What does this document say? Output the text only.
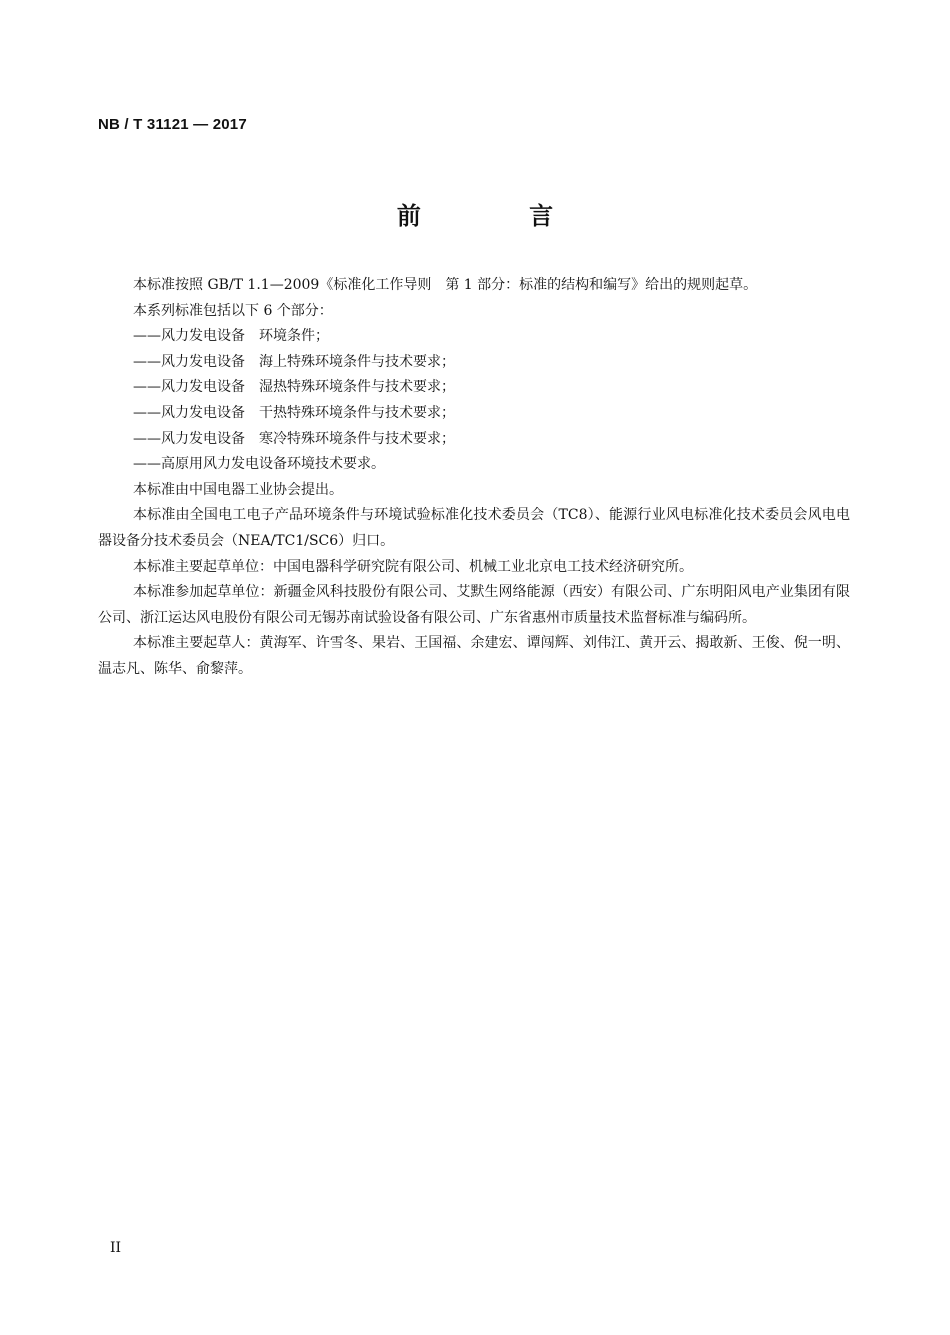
NB / T 31121 — 2017
前 言

本标准按照 GB/T 1.1—2009《标准化工作导则　第 1 部分：标准的结构和编写》给出的规则起草。

本系列标准包括以下 6 个部分：

——风力发电设备　环境条件；

——风力发电设备　海上特殊环境条件与技术要求；

——风力发电设备　湿热特殊环境条件与技术要求；

——风力发电设备　干热特殊环境条件与技术要求；

——风力发电设备　寒冷特殊环境条件与技术要求；

——高原用风力发电设备环境技术要求。

本标准由中国电器工业协会提出。

本标准由全国电工电子产品环境条件与环境试验标准化技术委员会（TC8）、能源行业风电标准化技术委员会风电电器设备分技术委员会（NEA/TC1/SC6）归口。

本标准主要起草单位：中国电器科学研究院有限公司、机械工业北京电工技术经济研究所。

本标准参加起草单位：新疆金风科技股份有限公司、艾默生网络能源（西安）有限公司、广东明阳风电产业集团有限公司、浙江运达风电股份有限公司无锡苏南试验设备有限公司、广东省惠州市质量技术监督标准与编码所。

本标准主要起草人：黄海军、许雪冬、果岩、王国福、余建宏、谭闯辉、刘伟江、黄开云、揭敢新、王俊、倪一明、温志凡、陈华、俞黎萍。

II
